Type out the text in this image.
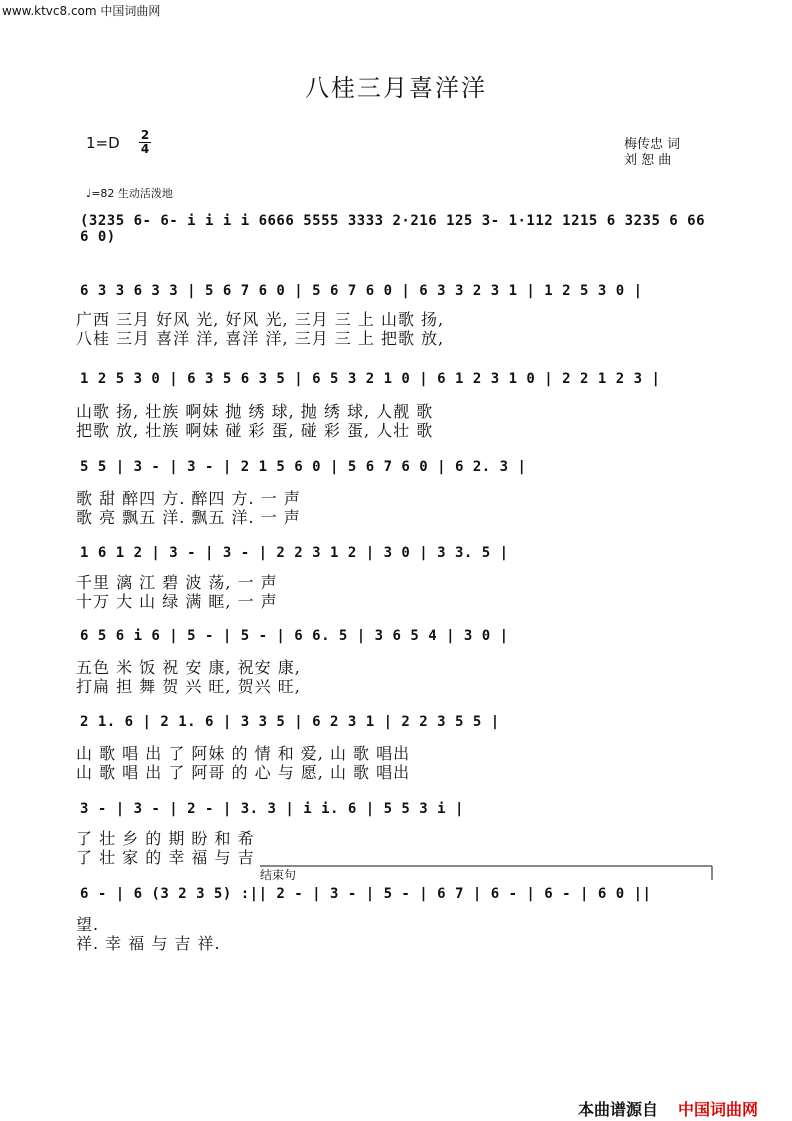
www.ktvc8.com 中国词曲网
八桂三月喜洋洋
1=D 2
4	梅传忠 词
刘 恕 曲
♩=82 生动活泼地
(3235 6- 6- i i i i 6666 5555 3333 2·216 125 3- 1·112 1215 6 3235 6 66 6 0)
6 3 3 6 3 3 | 5 6 7 6 0 | 5 6 7 6 0 | 6 3 3 2 3 1 | 1 2 5 3 0 |
广西 三月 好风 光, 好风 光, 三月 三 上 山歌 扬,
八桂 三月 喜洋 洋, 喜洋 洋, 三月 三 上 把歌 放,
1 2 5 3 0 | 6 3 5 6 3 5 | 6 5 3 2 1 0 | 6 1 2 3 1 0 | 2 2 1 2 3 |
山歌 扬, 壮族 啊妹 抛 绣 球, 抛 绣 球, 人靓 歌
把歌 放, 壮族 啊妹 碰 彩 蛋, 碰 彩 蛋, 人壮 歌
5 5 | 3 - | 3 - | 2 1 5 6 0 | 5 6 7 6 0 | 6 2. 3 |
歌 甜 醉四 方. 醉四 方. 一 声
歌 亮 飘五 洋. 飘五 洋. 一 声
1 6 1 2 | 3 - | 3 - | 2 2 3 1 2 | 3 0 | 3 3. 5 |
千里 漓 江 碧 波 荡, 一 声
十万 大 山 绿 满 眶, 一 声
6 5 6 i 6 | 5 - | 5 - | 6 6. 5 | 3 6 5 4 | 3 0 |
五色 米 饭 祝 安 康, 祝安 康,
打扁 担 舞 贺 兴 旺, 贺兴 旺,
2 1. 6 | 2 1. 6 | 3 3 5 | 6 2 3 1 | 2 2 3 5 5 |
山 歌 唱 出 了 阿妹 的 情 和 爱, 山 歌 唱出
山 歌 唱 出 了 阿哥 的 心 与 愿, 山 歌 唱出
3 - | 3 - | 2 - | 3. 3 | i i. 6 | 5 5 3 i |
了 壮 乡 的 期 盼 和 希
了 壮 家 的 幸 福 与 吉
结束句
6 - | 6 (3 2 3 5) :|| 2 - | 3 - | 5 - | 6 7 | 6 - | 6 - | 6 0 ||
望.
祥. 幸 福 与 吉 祥.
本曲谱源自 中国词曲网
